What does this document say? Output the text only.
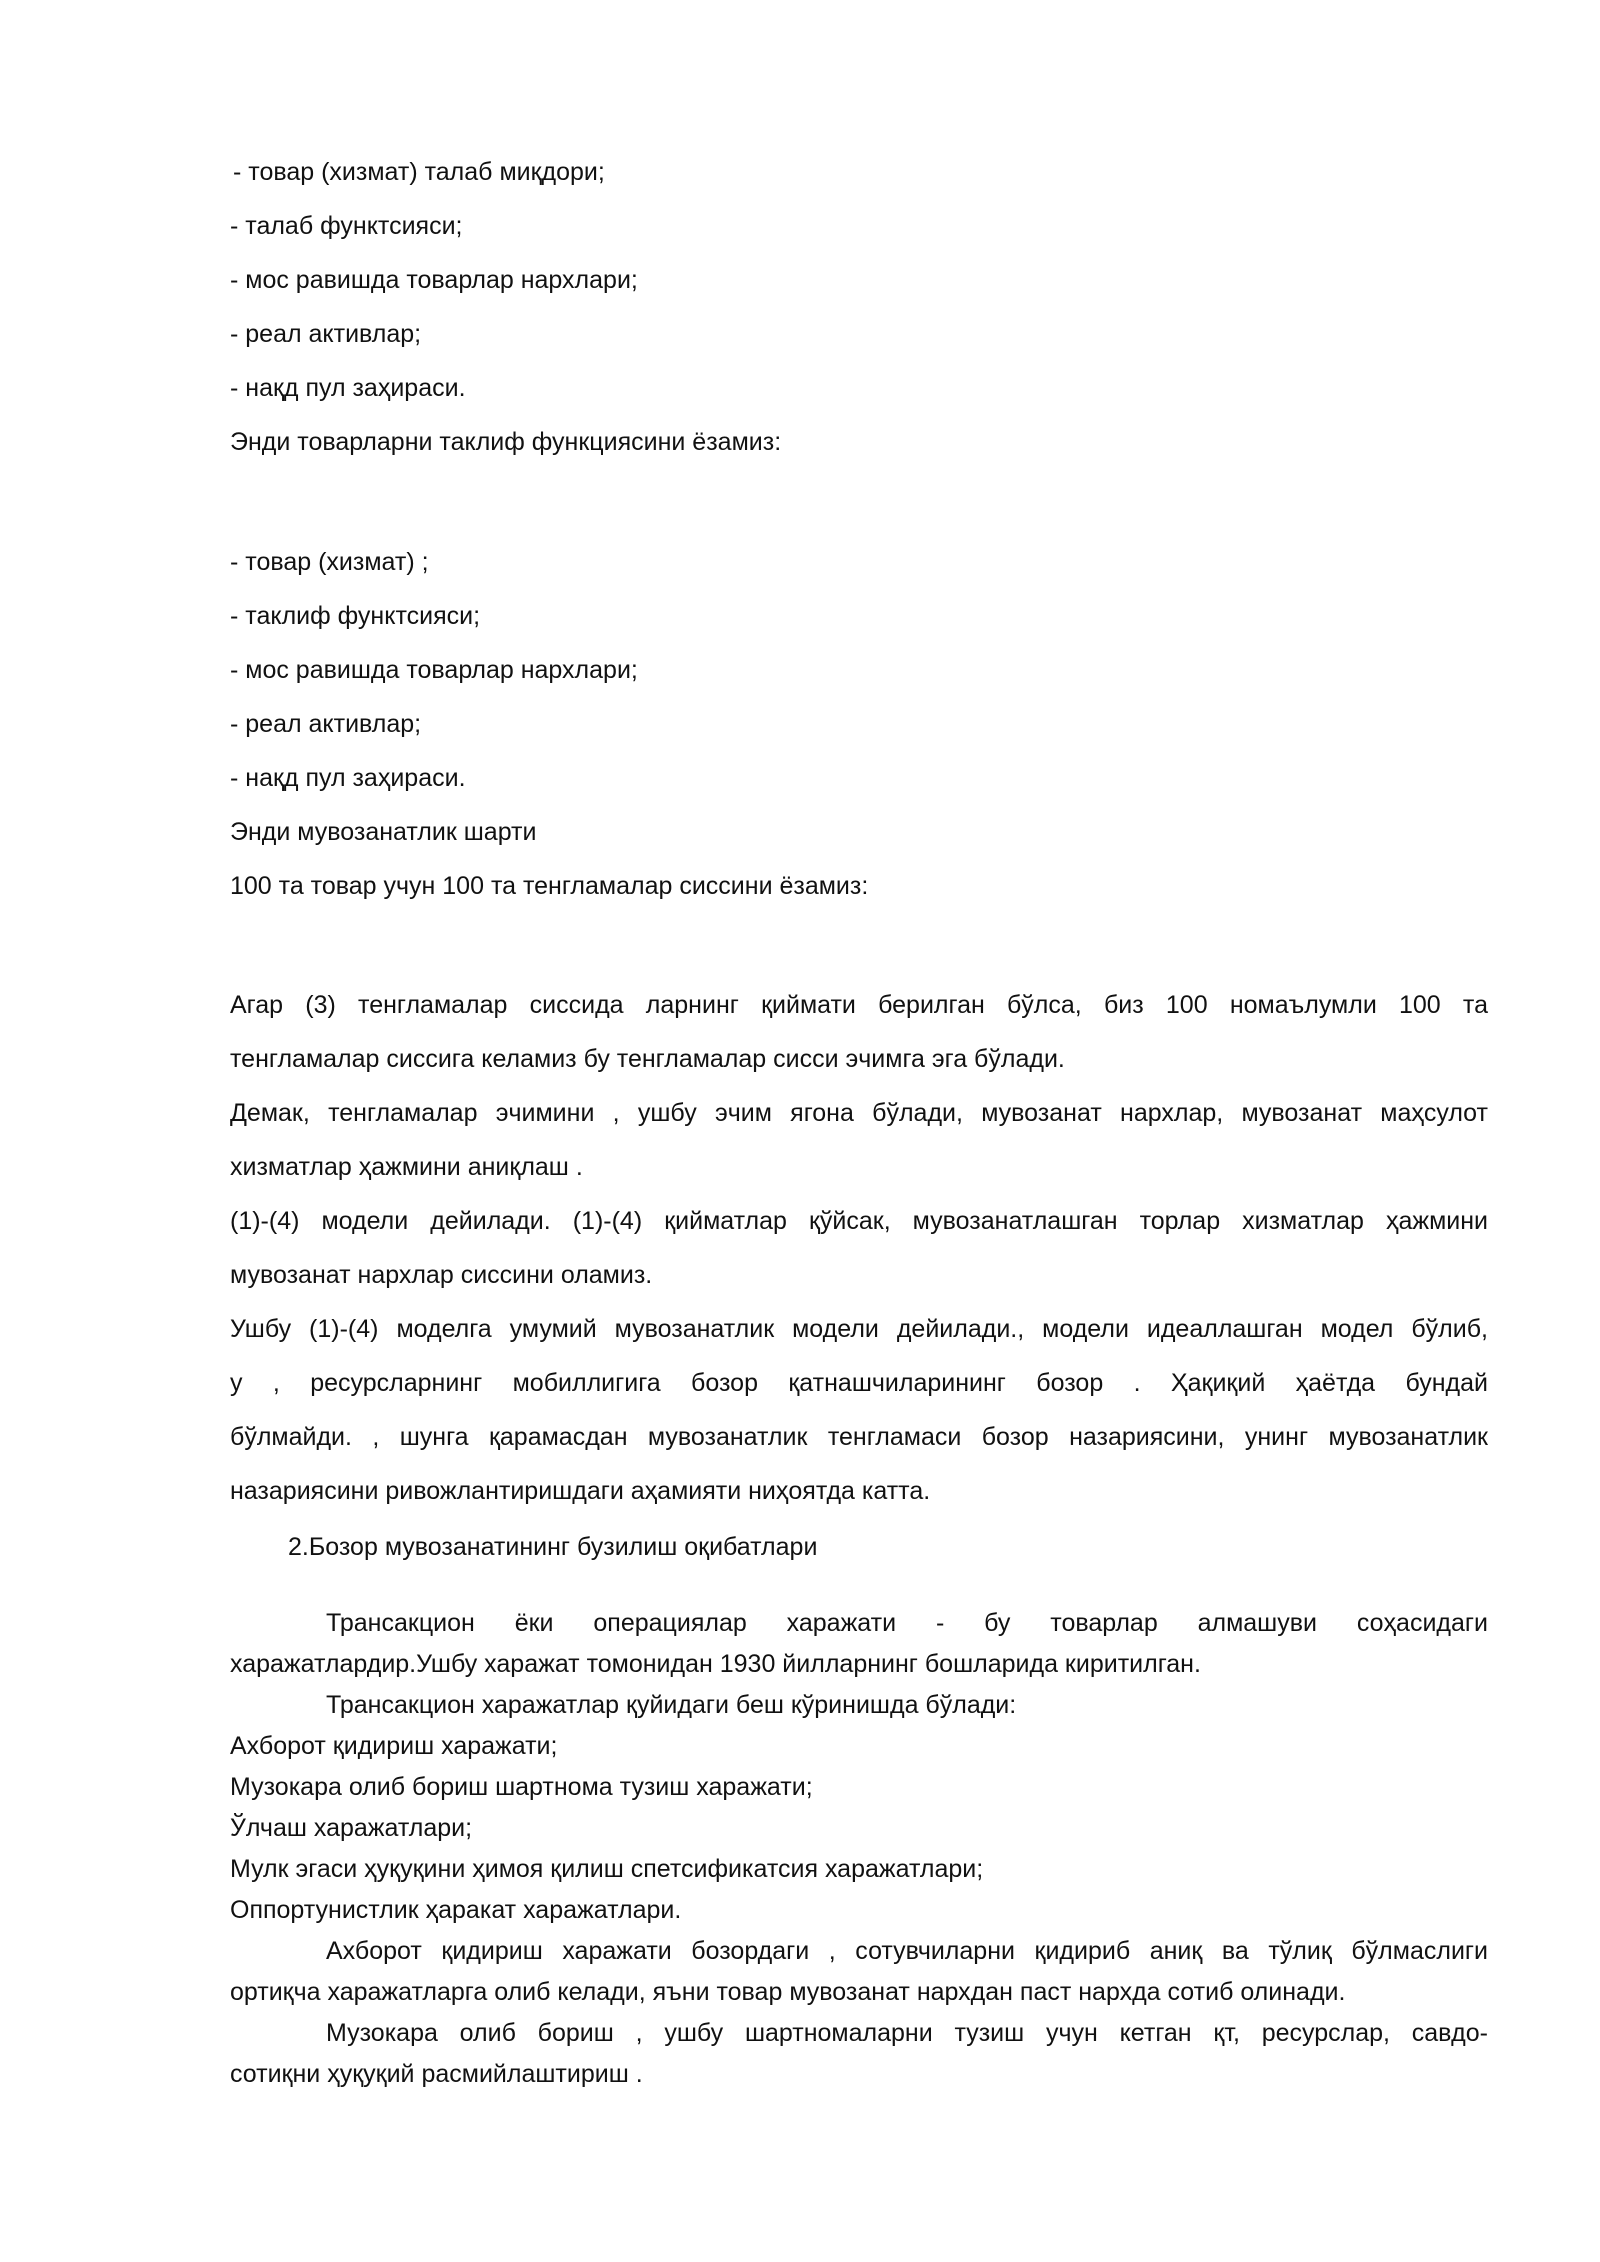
- товар (хизмат) талаб миқдори;
- талаб функтсияси;
- мос равишда товарлар нархлари;
- реал активлар;
- нақд пул заҳираси.
Энди товарларни таклиф функциясини ёзамиз:
- товар (хизмат) ;
- таклиф функтсияси;
- мос равишда товарлар нархлари;
- реал активлар;
- нақд пул заҳираси.
Энди мувозанатлик шарти
100 та товар учун 100 та тенгламалар сиссини ёзамиз:
Агар (3) тенгламалар сиссида ларнинг қиймати берилган бўлса, биз 100 номаълумли 100 та
тенгламалар сиссига келамиз бу тенгламалар сисси эчимга эга бўлади.
Демак, тенгламалар эчимини , ушбу эчим ягона бўлади, мувозанат нархлар, мувозанат маҳсулот
хизматлар ҳажмини аниқлаш .
(1)-(4) модели дейилади. (1)-(4) қийматлар қўйсак, мувозанатлашган торлар хизматлар ҳажмини
мувозанат нархлар сиссини оламиз.
Ушбу (1)-(4) моделга умумий мувозанатлик модели дейилади., модели идеаллашган модел бўлиб,
у , ресурсларнинг мобиллигига бозор қатнашчиларининг бозор . Ҳақиқий ҳаётда бундай
бўлмайди. , шунга қарамасдан мувозанатлик тенгламаси бозор назариясини, унинг мувозанатлик
назариясини ривожлантиришдаги аҳамияти ниҳоятда катта.
2.Бозор мувозанатининг бузилиш оқибатлари
Трансакцион ёки операциялар харажати - бу товарлар алмашуви соҳасидаги
харажатлардир.Ушбу харажат томонидан 1930 йилларнинг бошларида киритилган.
Трансакцион харажатлар қуйидаги беш кўринишда бўлади:
Ахборот қидириш харажати;
Музокара олиб бориш шартнома тузиш харажати;
Ўлчаш харажатлари;
Мулк эгаси ҳуқуқини ҳимоя қилиш спетсификатсия харажатлари;
Оппортунистлик ҳаракат харажатлари.
Ахборот қидириш харажати бозордаги , сотувчиларни қидириб аниқ ва тўлиқ бўлмаслиги
ортиқча харажатларга олиб келади, яъни товар мувозанат нархдан паст нархда сотиб олинади.
Музокара олиб бориш , ушбу шартномаларни тузиш учун кетган қт, ресурслар, савдо-
сотиқни ҳуқуқий расмийлаштириш .
